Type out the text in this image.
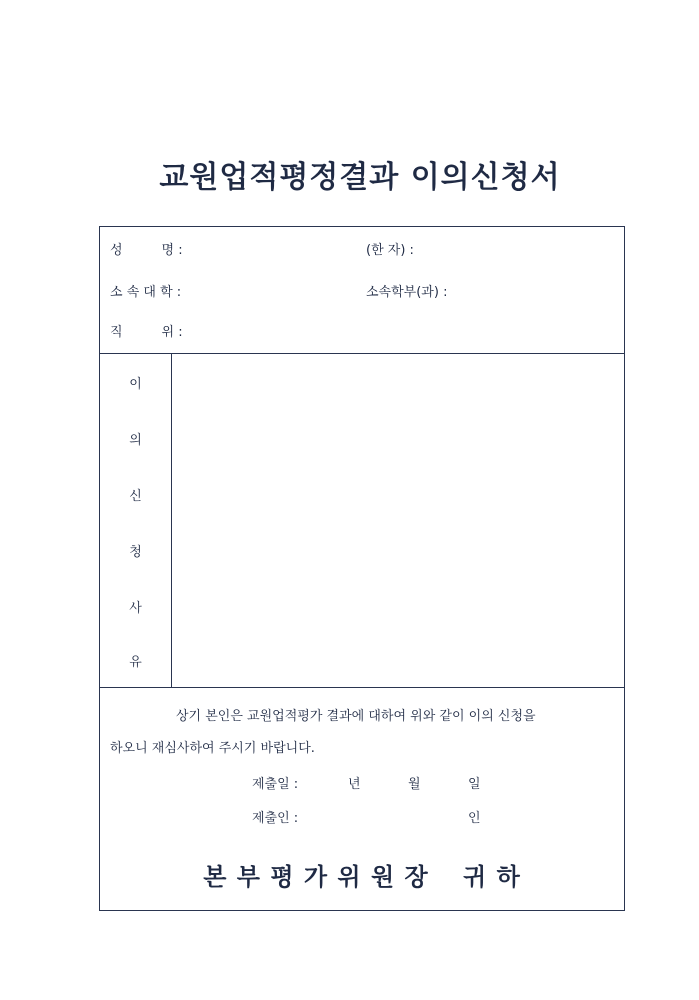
교원업적평정결과 이의신청서
성　　　명 :	(한 자) :
소 속 대 학 :	소속학부(과) :
직　　　위 :
이
의
신
청
사
유
상기 본인은 교원업적평가 결과에 대하여 위와 같이 이의 신청을
하오니 재심사하여 주시기 바랍니다.
제출일 :	년	월	일
제출인 :	인
본 부 평 가 위 원 장　 귀 하
